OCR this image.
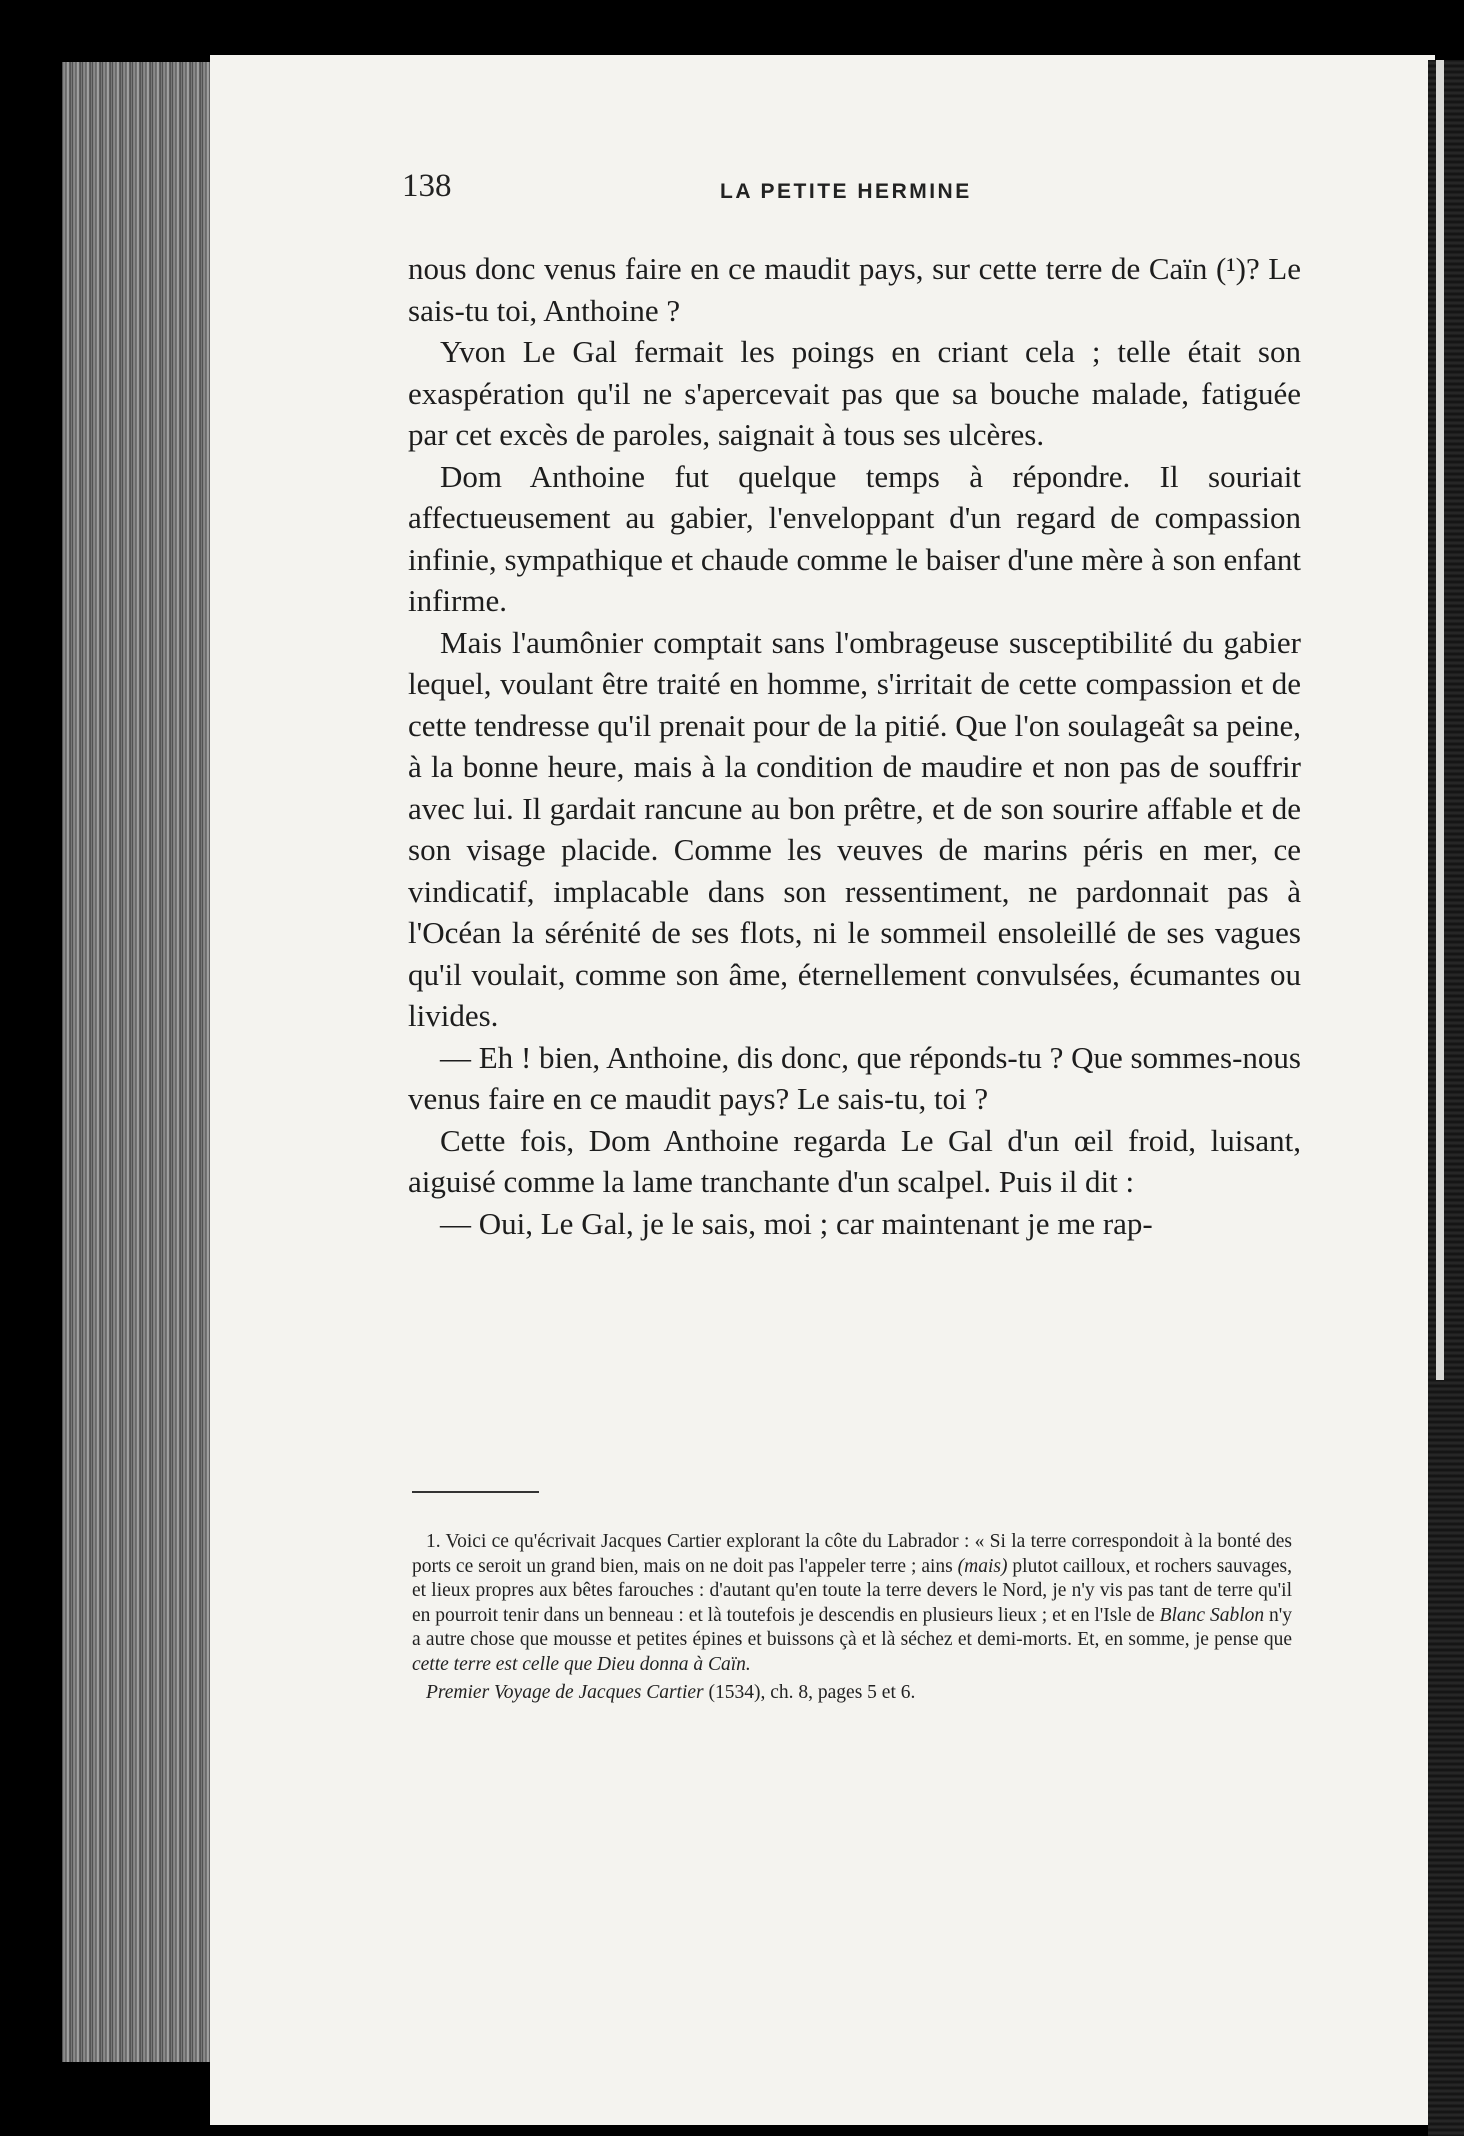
138	LA PETITE HERMINE

nous donc venus faire en ce maudit pays, sur cette terre de Caïn (¹)? Le sais-tu toi, Anthoine ?

Yvon Le Gal fermait les poings en criant cela ; telle était son exaspération qu'il ne s'apercevait pas que sa bouche malade, fatiguée par cet excès de paroles, saignait à tous ses ulcères.

Dom Anthoine fut quelque temps à répondre. Il souriait affectueusement au gabier, l'enveloppant d'un regard de compassion infinie, sympathique et chaude comme le baiser d'une mère à son enfant infirme.

Mais l'aumônier comptait sans l'ombrageuse susceptibilité du gabier lequel, voulant être traité en homme, s'irritait de cette compassion et de cette tendresse qu'il prenait pour de la pitié. Que l'on soulageât sa peine, à la bonne heure, mais à la condition de maudire et non pas de souffrir avec lui. Il gardait rancune au bon prêtre, et de son sourire affable et de son visage placide. Comme les veuves de marins péris en mer, ce vindicatif, implacable dans son ressentiment, ne pardonnait pas à l'Océan la sérénité de ses flots, ni le sommeil ensoleillé de ses vagues qu'il voulait, comme son âme, éternellement convulsées, écumantes ou livides.

— Eh ! bien, Anthoine, dis donc, que réponds-tu ? Que sommes-nous venus faire en ce maudit pays? Le sais-tu, toi ?

Cette fois, Dom Anthoine regarda Le Gal d'un œil froid, luisant, aiguisé comme la lame tranchante d'un scalpel. Puis il dit :

— Oui, Le Gal, je le sais, moi ; car maintenant je me rap-

1. Voici ce qu'écrivait Jacques Cartier explorant la côte du Labrador : « Si la terre correspondoit à la bonté des ports ce seroit un grand bien, mais on ne doit pas l'appeler terre ; ains (mais) plutot cailloux, et rochers sauvages, et lieux propres aux bêtes farouches : d'autant qu'en toute la terre devers le Nord, je n'y vis pas tant de terre qu'il en pourroit tenir dans un benneau : et là toutefois je descendis en plusieurs lieux ; et en l'Isle de Blanc Sablon n'y a autre chose que mousse et petites épines et buissons çà et là séchez et demi-morts. Et, en somme, je pense que cette terre est celle que Dieu donna à Caïn.

Premier Voyage de Jacques Cartier (1534), ch. 8, pages 5 et 6.
